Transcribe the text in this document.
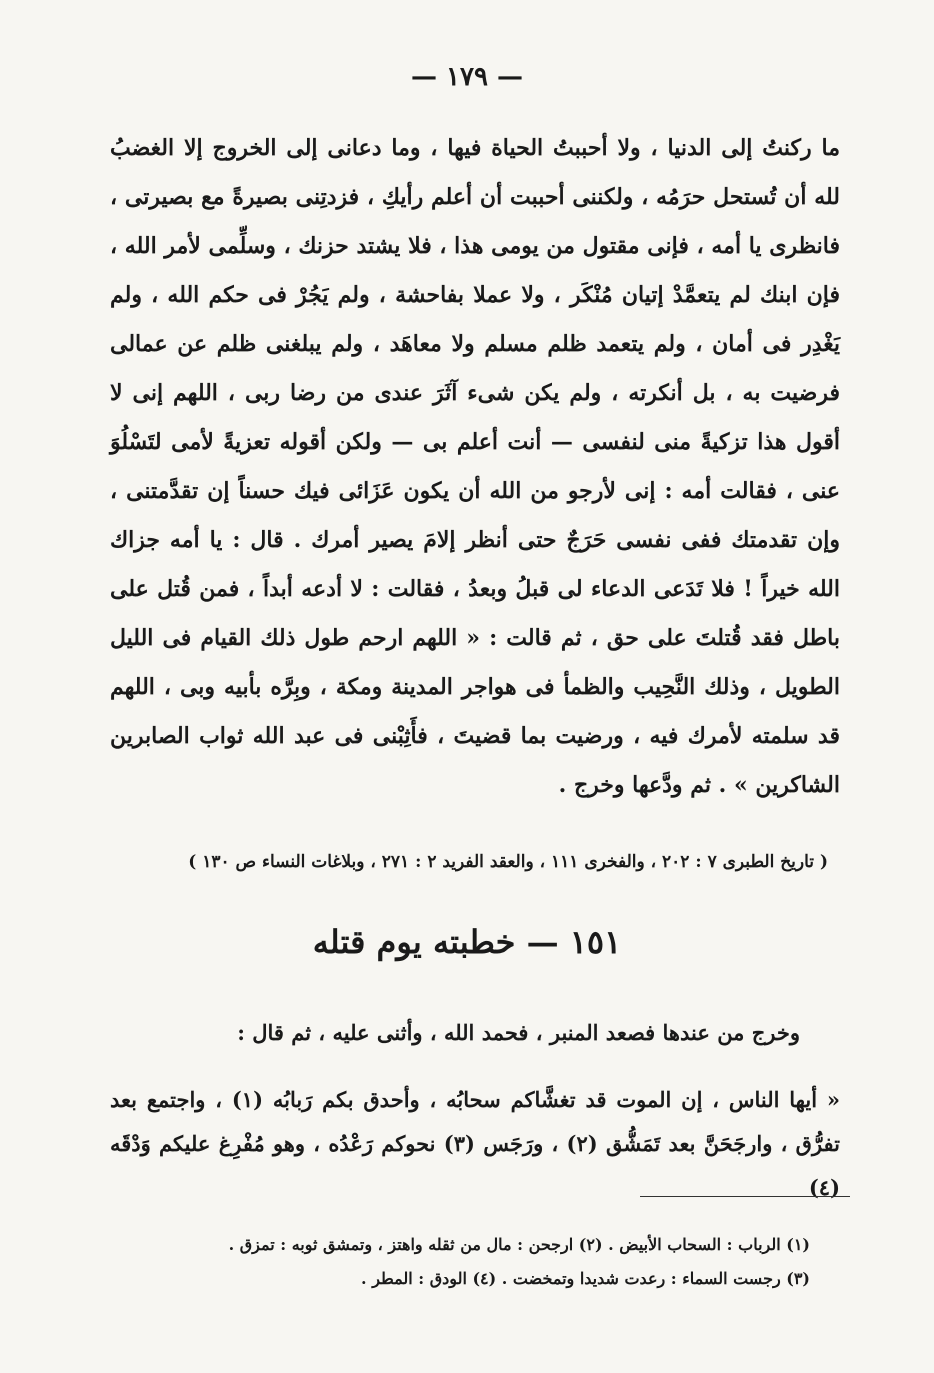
— ١٧٩ —
ما ركنتُ إلى الدنيا ، ولا أحببتُ الحياة فيها ، وما دعانى إلى الخروج إلا الغضبُ لله أن تُستحل حرَمُه ، ولكننى أحببت أن أعلم رأيكِ ، فزدتِنى بصيرةً مع بصيرتى ، فانظرى يا أمه ، فإنى مقتول من يومى هذا ، فلا يشتد حزنك ، وسلِّمى لأمر الله ، فإن ابنك لم يتعمَّدْ إتيان مُنْكَر ، ولا عملا بفاحشة ، ولم يَجُرْ فى حكم الله ، ولم يَغْدِر فى أمان ، ولم يتعمد ظلم مسلم ولا معاهَد ، ولم يبلغنى ظلم عن عمالى فرضيت به ، بل أنكرته ، ولم يكن شىء آثَرَ عندى من رضا ربى ، اللهم إنى لا أقول هذا تزكيةً منى لنفسى — أنت أعلم بى — ولكن أقوله تعزيةً لأمى لتَسْلُوَ عنى ، فقالت أمه : إنى لأرجو من الله أن يكون عَزَائى فيك حسناً إن تقدَّمتنى ، وإن تقدمتك ففى نفسى حَرَجٌ حتى أنظر إلامَ يصير أمرك . قال : يا أمه جزاك الله خيراً ! فلا تَدَعى الدعاء لى قبلُ وبعدُ ، فقالت : لا أدعه أبداً ، فمن قُتل على باطل فقد قُتلتَ على حق ، ثم قالت : « اللهم ارحم طول ذلك القيام فى الليل الطويل ، وذلك النَّحِيب والظمأ فى هواجر المدينة ومكة ، وبِرَّه بأبيه وبى ، اللهم قد سلمته لأمرك فيه ، ورضيت بما قضيتَ ، فأَثِبْنى فى عبد الله ثواب الصابرين الشاكرين » . ثم ودَّعها وخرج .
( تاريخ الطبرى ٧ : ٢٠٢ ، والفخرى ١١١ ، والعقد الفريد ٢ : ٢٧١ ، وبلاغات النساء ص ١٣٠ )
١٥١ — خطبته يوم قتله
وخرج من عندها فصعد المنبر ، فحمد الله ، وأثنى عليه ، ثم قال :
« أيها الناس ، إن الموت قد تغشَّاكم سحابُه ، وأحدق بكم رَبابُه (١) ، واجتمع بعد تفرُّق ، وارجَحَنَّ بعد تَمَشُّق (٢) ، ورَجَس (٣) نحوكم رَعْدُه ، وهو مُفْرِغ عليكم وَدْقَه (٤)
(١) الرباب : السحاب الأبيض . (٢) ارجحن : مال من ثقله واهتز ، وتمشق ثوبه : تمزق .
(٣) رجست السماء : رعدت شديدا وتمخضت . (٤) الودق : المطر .
